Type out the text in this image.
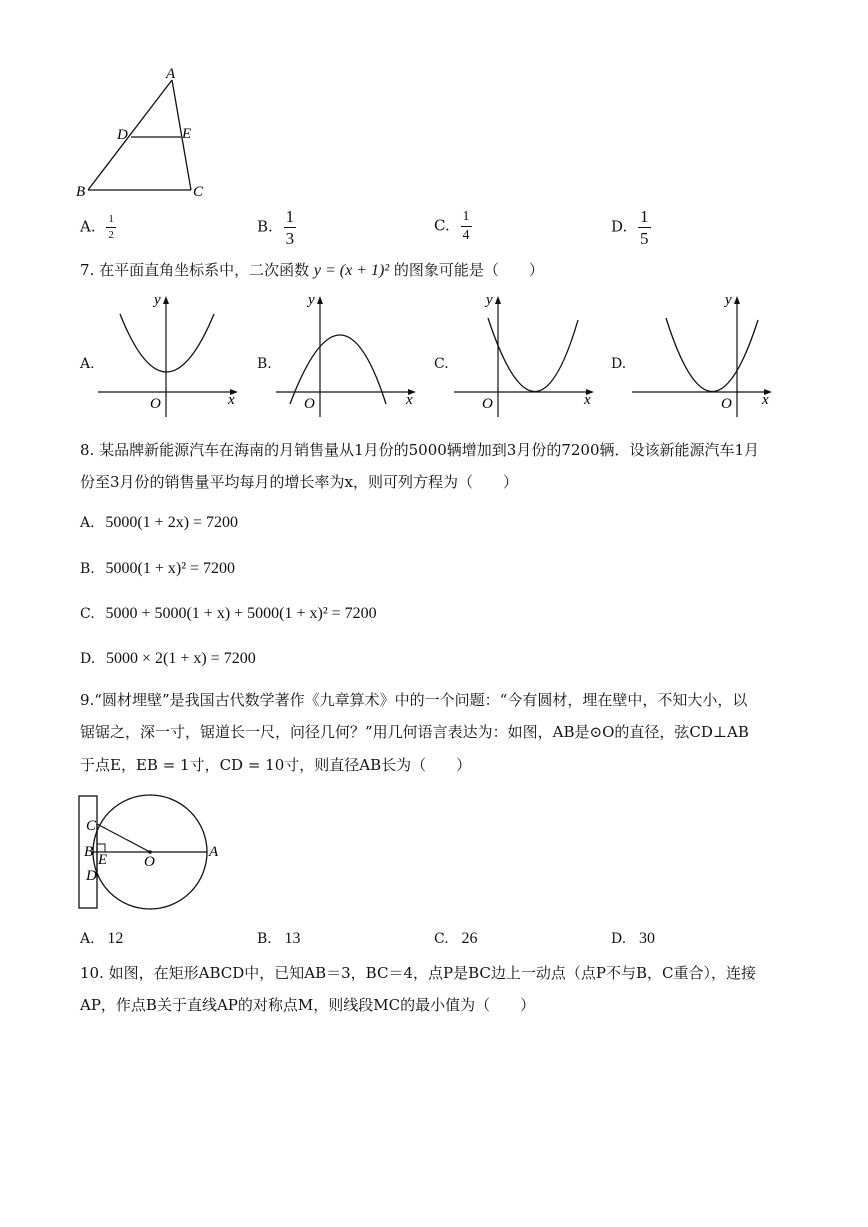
A
D	E
B	C
A. $\frac{1}{2}$	B. $\frac{1}{3}$	C. $\frac{1}{4}$	D. $\frac{1}{5}$
7. 在平面直角坐标系中，二次函数 y = (x + 1)² 的图象可能是（　　）
A.
y
x
O
B.
y
x
O
C.
y
x
O
D.
y
x
O
8. 某品牌新能源汽车在海南的月销售量从1月份的5000辆增加到3月份的7200辆．设该新能源汽车1月
份至3月份的销售量平均每月的增长率为x，则可列方程为（　　）
A. 5000(1 + 2x) = 7200
B. 5000(1 + x)² = 7200
C. 5000 + 5000(1 + x) + 5000(1 + x)² = 7200
D. 5000 × 2(1 + x) = 7200
9.“圆材埋壁”是我国古代数学著作《九章算术》中的一个问题：“今有圆材，埋在壁中，不知大小，以
锯锯之，深一寸，锯道长一尺，问径几何？”用几何语言表达为：如图，AB是⊙O的直径，弦CD⊥AB
于点E，EB = 1寸，CD = 10寸，则直径AB长为（　　）
C
B E O
A
D
A. 12	B. 13	C. 26	D. 30
10. 如图，在矩形ABCD中，已知AB＝3，BC＝4，点P是BC边上一动点（点P不与B，C重合），连接
AP，作点B关于直线AP的对称点M，则线段MC的最小值为（　　）
